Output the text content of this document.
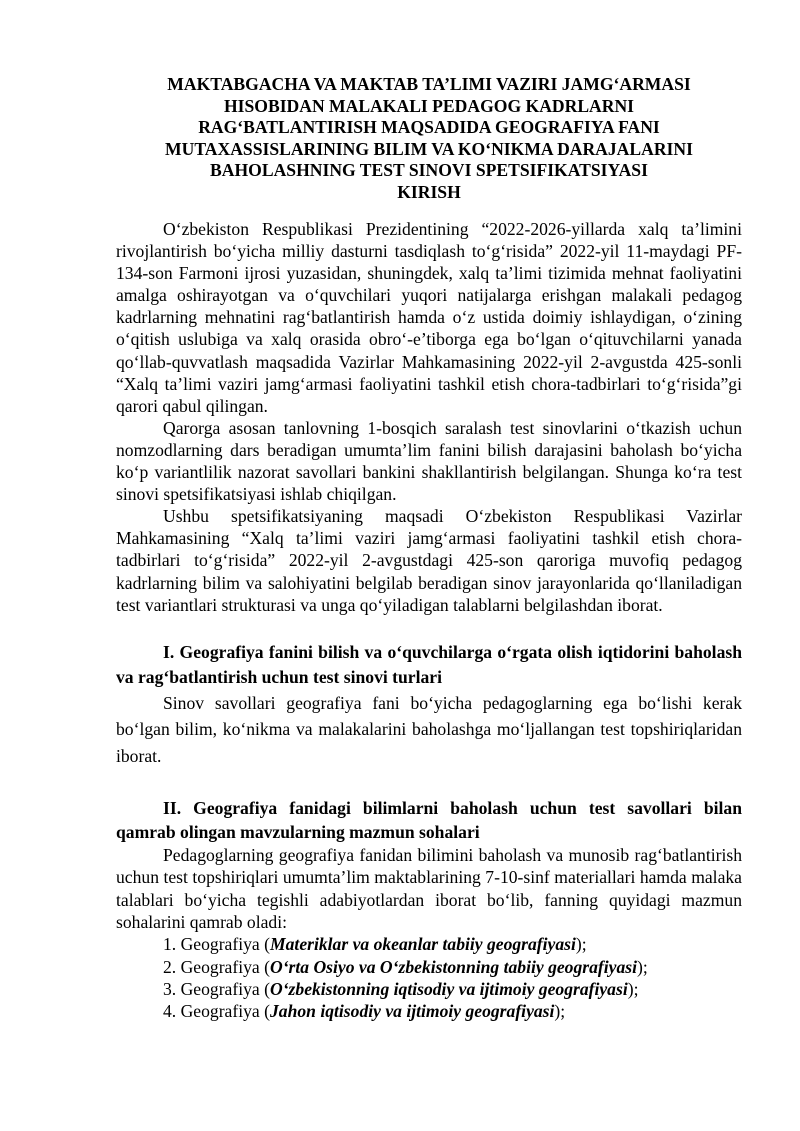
MAKTABGACHA VA MAKTAB TA’LIMI VAZIRI JAMGʻARMASI
HISOBIDAN MALAKALI PEDAGOG KADRLARNI
RAGʻBATLANTIRISH MAQSADIDA GEOGRAFIYA FANI
MUTAXASSISLARINING BILIM VA KOʻNIKMA DARAJALARINI
BAHOLASHNING TEST SINOVI SPETSIFIKATSIYASI
KIRISH

Oʻzbekiston Respublikasi Prezidentining “2022-2026-yillarda xalq ta’limini rivojlantirish boʻyicha milliy dasturni tasdiqlash toʻgʻrisida” 2022-yil 11-maydagi PF-134-son Farmoni ijrosi yuzasidan, shuningdek, xalq ta’limi tizimida mehnat faoliyatini amalga oshirayotgan va oʻquvchilari yuqori natijalarga erishgan malakali pedagog kadrlarning mehnatini ragʻbatlantirish hamda oʻz ustida doimiy ishlaydigan, oʻzining oʻqitish uslubiga va xalq orasida obroʻ-e’tiborga ega boʻlgan oʻqituvchilarni yanada qoʻllab-quvvatlash maqsadida Vazirlar Mahkamasining 2022-yil 2-avgustda 425-sonli “Xalq ta’limi vaziri jamgʻarmasi faoliyatini tashkil etish chora-tadbirlari toʻgʻrisida”gi qarori qabul qilingan.

Qarorga asosan tanlovning 1-bosqich saralash test sinovlarini oʻtkazish uchun nomzodlarning dars beradigan umumta’lim fanini bilish darajasini baholash boʻyicha koʻp variantlilik nazorat savollari bankini shakllantirish belgilangan. Shunga koʻra test sinovi spetsifikatsiyasi ishlab chiqilgan.

Ushbu spetsifikatsiyaning maqsadi Oʻzbekiston Respublikasi Vazirlar Mahkamasining “Xalq ta’limi vaziri jamgʻarmasi faoliyatini tashkil etish chora-tadbirlari toʻgʻrisida” 2022-yil 2-avgustdagi 425-son qaroriga muvofiq pedagog kadrlarning bilim va salohiyatini belgilab beradigan sinov jarayonlarida qoʻllaniladigan test variantlari strukturasi va unga qoʻyiladigan talablarni belgilashdan iborat.

I. Geografiya fanini bilish va oʻquvchilarga oʻrgata olish iqtidorini baholash va ragʻbatlantirish uchun test sinovi turlari

Sinov savollari geografiya fani boʻyicha pedagoglarning ega boʻlishi kerak boʻlgan bilim, koʻnikma va malakalarini baholashga moʻljallangan test topshiriqlaridan iborat.

II. Geografiya fanidagi bilimlarni baholash uchun test savollari bilan qamrab olingan mavzularning mazmun sohalari

Pedagoglarning geografiya fanidan bilimini baholash va munosib ragʻbatlantirish uchun test topshiriqlari umumta’lim maktablarining 7-10-sinf materiallari hamda malaka talablari boʻyicha tegishli adabiyotlardan iborat boʻlib, fanning quyidagi mazmun sohalarini qamrab oladi:

1. Geografiya (Materiklar va okeanlar tabiiy geografiyasi);
2. Geografiya (Oʻrta Osiyo va Oʻzbekistonning tabiiy geografiyasi);
3. Geografiya (Oʻzbekistonning iqtisodiy va ijtimoiy geografiyasi);
4. Geografiya (Jahon iqtisodiy va ijtimoiy geografiyasi);
